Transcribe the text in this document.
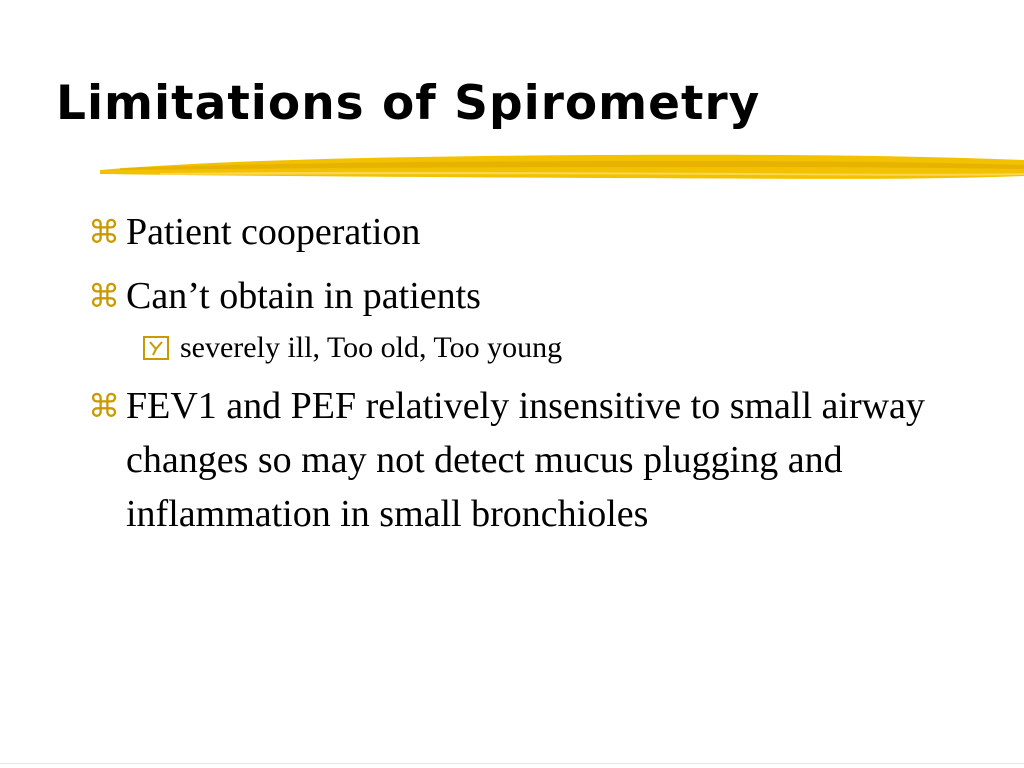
Limitations of Spirometry
⌘ Patient cooperation
⌘ Can’t obtain in patients
severely ill, Too old, Too young
⌘ FEV1 and PEF relatively insensitive to small airway changes so may not detect mucus plugging and inflammation in small bronchioles
